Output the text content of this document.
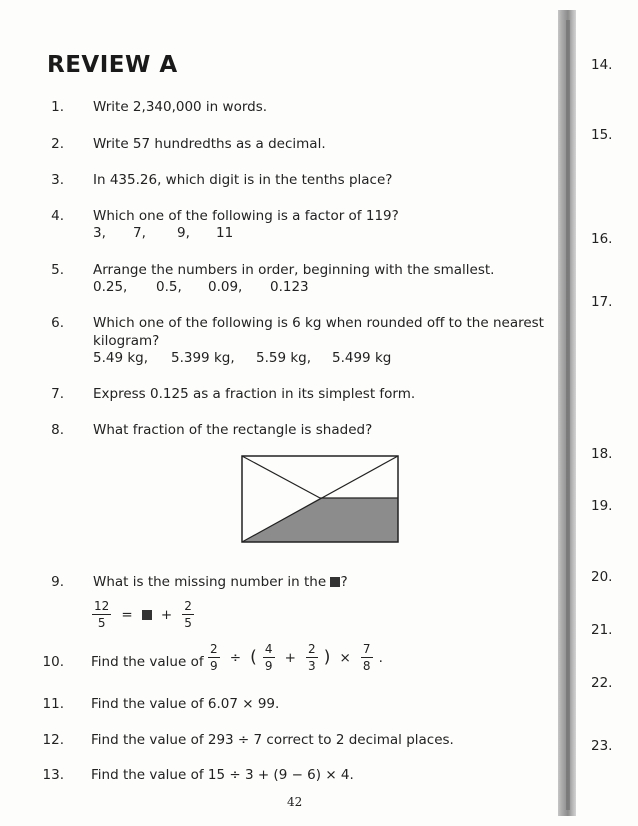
REVIEW A
1. Write 2,340,000 in words.
2. Write 57 hundredths as a decimal.
3. In 435.26, which digit is in the tenths place?
4. Which one of the following is a factor of 119?
3, 7, 9, 11
5. Arrange the numbers in order, beginning with the smallest.
0.25, 0.5, 0.09, 0.123
6. Which one of the following is 6 kg when rounded off to the nearest
kilogram?
5.49 kg, 5.399 kg, 5.59 kg, 5.499 kg
7. Express 0.125 as a fraction in its simplest form.
8. What fraction of the rectangle is shaded?
9. What is the missing number in the ?
$\frac{12}{5}$ = + $\frac{2}{5}$
10. Find the value of $\frac{2}{9}$ ÷ ( $\frac{4}{9} + \frac{2}{3}$ ) × $\frac{7}{8}$ .
11. Find the value of 6.07 × 99.
12. Find the value of 293 ÷ 7 correct to 2 decimal places.
13. Find the value of 15 ÷ 3 + (9 − 6) × 4.
14.
15.
16.
17.
18.
19.
20.
21.
22.
23.
42
